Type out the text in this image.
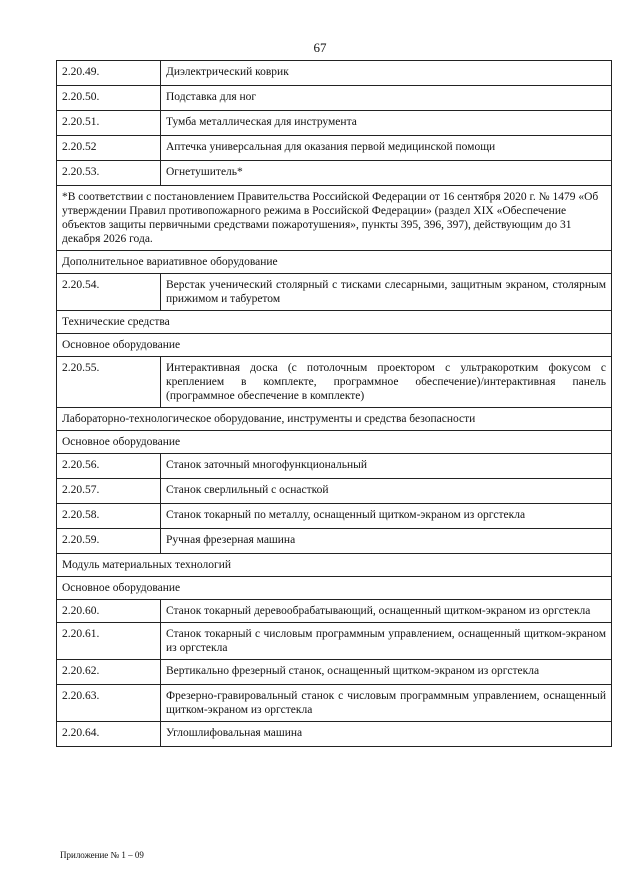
67
2.20.49.	Диэлектрический коврик
2.20.50.	Подставка для ног
2.20.51.	Тумба металлическая для инструмента
2.20.52	Аптечка универсальная для оказания первой медицинской помощи
2.20.53.	Огнетушитель*
*В соответствии с постановлением Правительства Российской Федерации от 16 сентября 2020 г. № 1479 «Об утверждении Правил противопожарного режима в Российской Федерации» (раздел XIX «Обеспечение объектов защиты первичными средствами пожаротушения», пункты 395, 396, 397), действующим до 31 декабря 2026 года.	
Дополнительное вариативное оборудование	
2.20.54.	Верстак ученический столярный с тисками слесарными, защитным экраном, столярным прижимом и табуретом
Технические средства	
Основное оборудование	
2.20.55.	Интерактивная доска (с потолочным проектором с ультракоротким фокусом с креплением в комплекте, программное обеспечение)/интерактивная панель (программное обеспечение в комплекте)
Лабораторно-технологическое оборудование, инструменты и средства безопасности	
Основное оборудование	
2.20.56.	Станок заточный многофункциональный
2.20.57.	Станок сверлильный с оснасткой
2.20.58.	Станок токарный по металлу, оснащенный щитком-экраном из оргстекла
2.20.59.	Ручная фрезерная машина
Модуль материальных технологий	
Основное оборудование	
2.20.60.	Станок токарный деревообрабатывающий, оснащенный щитком-экраном из оргстекла
2.20.61.	Станок токарный с числовым программным управлением, оснащенный щитком-экраном из оргстекла
2.20.62.	Вертикально фрезерный станок, оснащенный щитком-экраном из оргстекла
2.20.63.	Фрезерно-гравировальный станок с числовым программным управлением, оснащенный щитком-экраном из оргстекла
2.20.64.	Углошлифовальная машина
Приложение № 1 – 09
